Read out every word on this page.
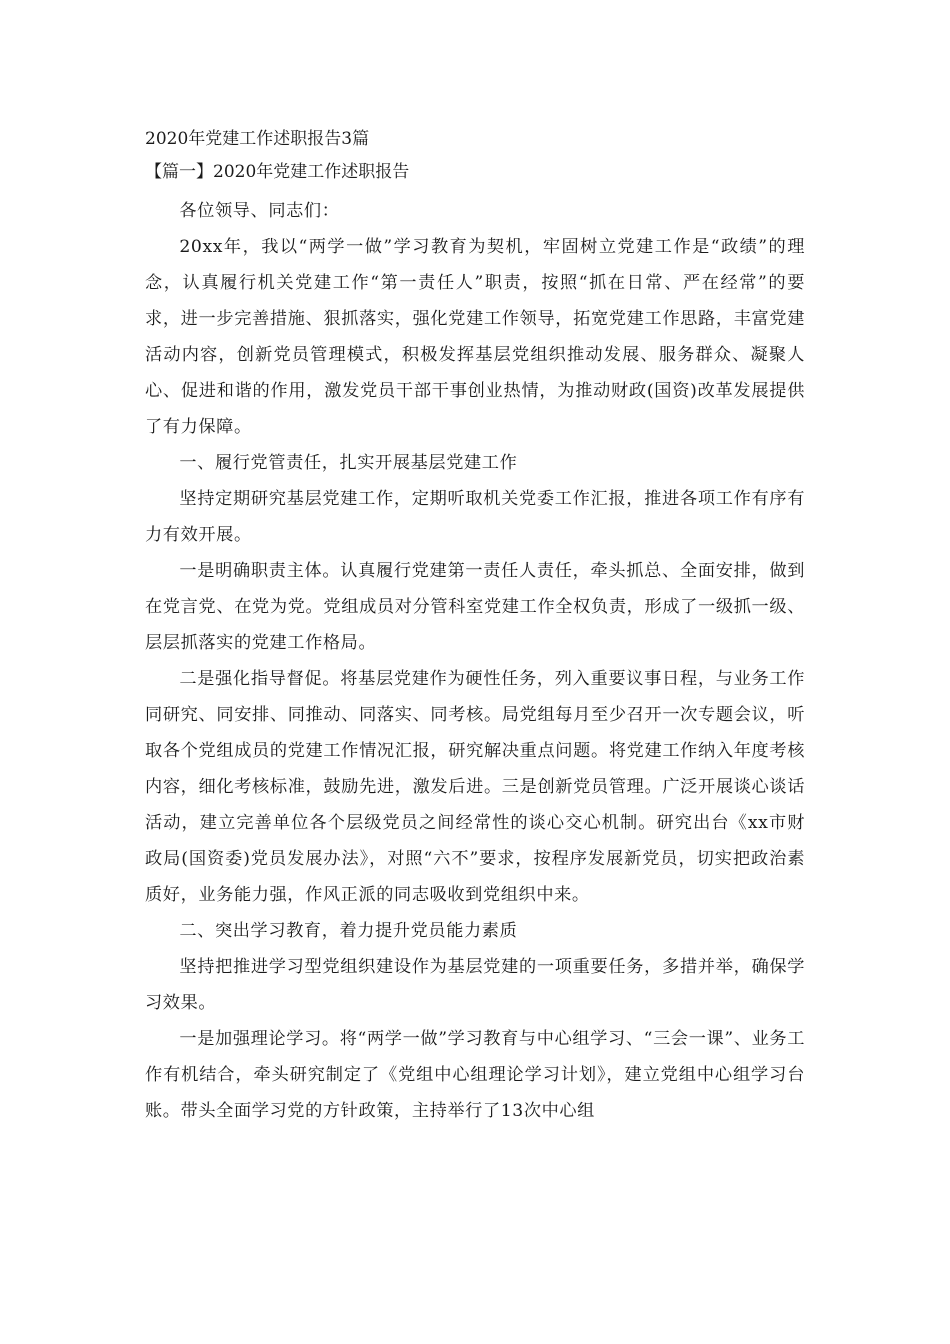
2020年党建工作述职报告3篇
【篇一】2020年党建工作述职报告

各位领导、同志们：

20xx年，我以“两学一做”学习教育为契机，牢固树立党建工作是“政绩”的理念，认真履行机关党建工作“第一责任人”职责，按照“抓在日常、严在经常”的要求，进一步完善措施、狠抓落实，强化党建工作领导，拓宽党建工作思路，丰富党建活动内容，创新党员管理模式，积极发挥基层党组织推动发展、服务群众、凝聚人心、促进和谐的作用，激发党员干部干事创业热情，为推动财政(国资)改革发展提供了有力保障。

一、履行党管责任，扎实开展基层党建工作

坚持定期研究基层党建工作，定期听取机关党委工作汇报，推进各项工作有序有力有效开展。

一是明确职责主体。认真履行党建第一责任人责任，牵头抓总、全面安排，做到在党言党、在党为党。党组成员对分管科室党建工作全权负责，形成了一级抓一级、层层抓落实的党建工作格局。

二是强化指导督促。将基层党建作为硬性任务，列入重要议事日程，与业务工作同研究、同安排、同推动、同落实、同考核。局党组每月至少召开一次专题会议，听取各个党组成员的党建工作情况汇报，研究解决重点问题。将党建工作纳入年度考核内容，细化考核标准，鼓励先进，激发后进。三是创新党员管理。广泛开展谈心谈话活动，建立完善单位各个层级党员之间经常性的谈心交心机制。研究出台《xx市财政局(国资委)党员发展办法》，对照“六不”要求，按程序发展新党员，切实把政治素质好，业务能力强，作风正派的同志吸收到党组织中来。

二、突出学习教育，着力提升党员能力素质

坚持把推进学习型党组织建设作为基层党建的一项重要任务，多措并举，确保学习效果。

一是加强理论学习。将“两学一做”学习教育与中心组学习、“三会一课”、业务工作有机结合，牵头研究制定了《党组中心组理论学习计划》，建立党组中心组学习台账。带头全面学习党的方针政策，主持举行了13次中心组
